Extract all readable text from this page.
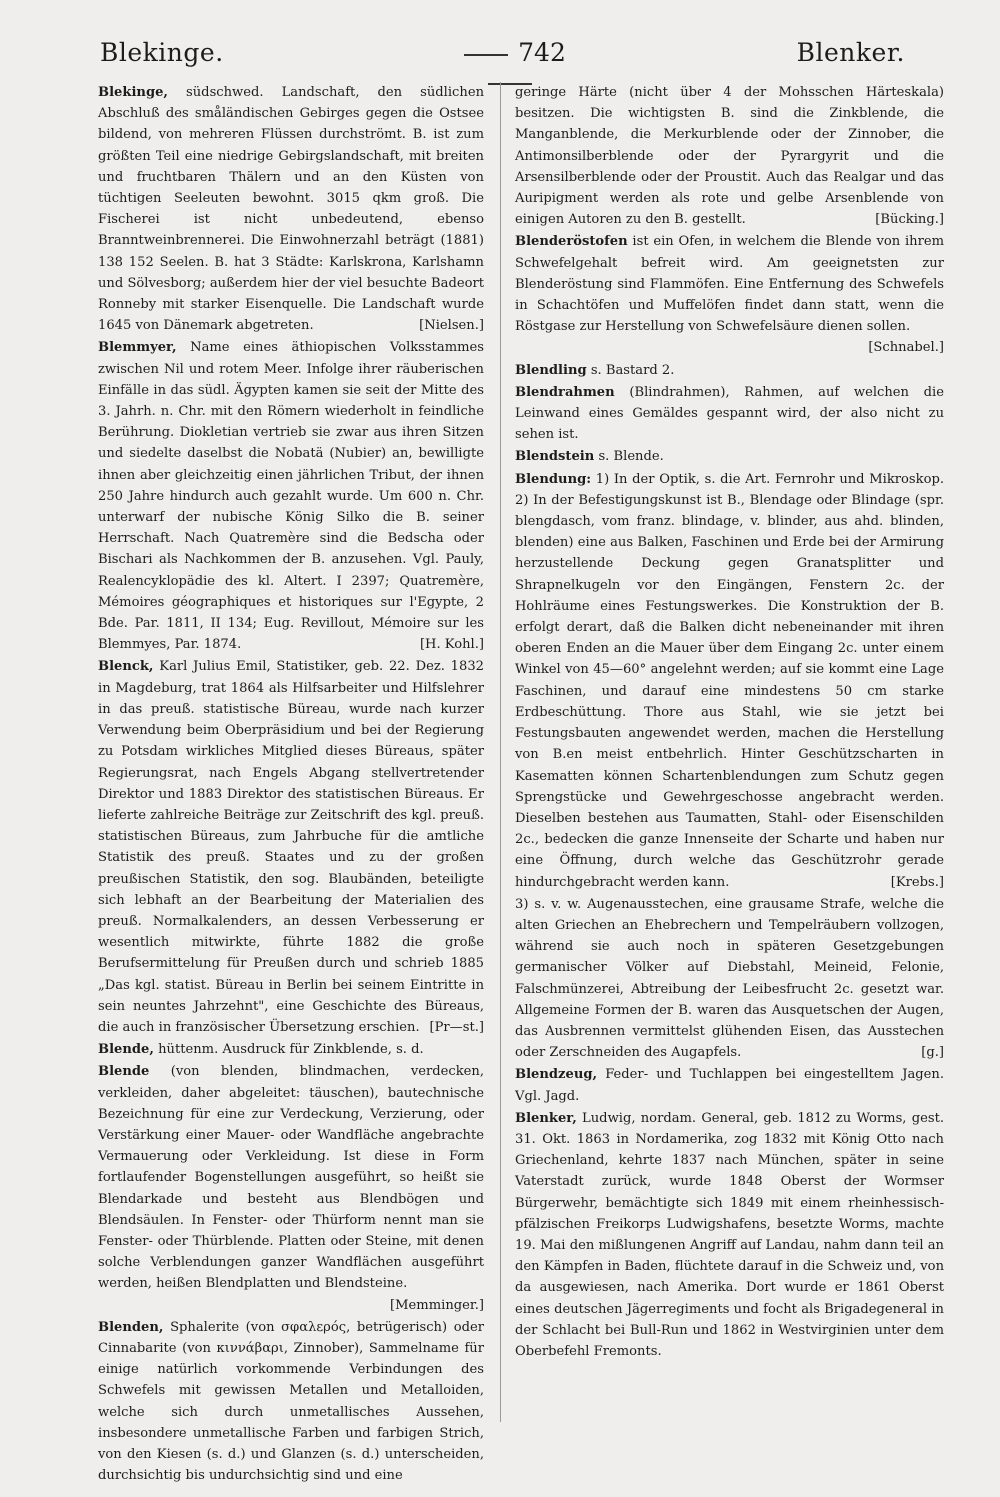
Blekinge.	742	Blenker.

Blekinge, südschwed. Landschaft, den südlichen Abschluß des småländischen Gebirges gegen die Ostsee bildend, von mehreren Flüssen durchströmt. B. ist zum größten Teil eine niedrige Gebirgslandschaft, mit breiten und fruchtbaren Thälern und an den Küsten von tüchtigen Seeleuten bewohnt. 3015 qkm groß. Die Fischerei ist nicht unbedeutend, ebenso Branntweinbrennerei. Die Einwohnerzahl beträgt (1881) 138 152 Seelen. B. hat 3 Städte: Karlskrona, Karlshamn und Sölvesborg; außerdem hier der viel besuchte Badeort Ronneby mit starker Eisenquelle. Die Landschaft wurde 1645 von Dänemark abgetreten.	[Nielsen.]

Blemmyer, Name eines äthiopischen Volksstammes zwischen Nil und rotem Meer. Infolge ihrer räuberischen Einfälle in das südl. Ägypten kamen sie seit der Mitte des 3. Jahrh. n. Chr. mit den Römern wiederholt in feindliche Berührung. Diokletian vertrieb sie zwar aus ihren Sitzen und siedelte daselbst die Nobatä (Nubier) an, bewilligte ihnen aber gleichzeitig einen jährlichen Tribut, der ihnen 250 Jahre hindurch auch gezahlt wurde. Um 600 n. Chr. unterwarf der nubische König Silko die B. seiner Herrschaft. Nach Quatremère sind die Bedscha oder Bischari als Nachkommen der B. anzusehen. Vgl. Pauly, Realencyklopädie des kl. Altert. I 2397; Quatremère, Mémoires géographiques et historiques sur l'Egypte, 2 Bde. Par. 1811, II 134; Eug. Revillout, Mémoire sur les Blemmyes, Par. 1874.	[H. Kohl.]

Blenck, Karl Julius Emil, Statistiker, geb. 22. Dez. 1832 in Magdeburg, trat 1864 als Hilfsarbeiter und Hilfslehrer in das preuß. statistische Büreau, wurde nach kurzer Verwendung beim Oberpräsidium und bei der Regierung zu Potsdam wirkliches Mitglied dieses Büreaus, später Regierungsrat, nach Engels Abgang stellvertretender Direktor und 1883 Direktor des statistischen Büreaus. Er lieferte zahlreiche Beiträge zur Zeitschrift des kgl. preuß. statistischen Büreaus, zum Jahrbuche für die amtliche Statistik des preuß. Staates und zu der großen preußischen Statistik, den sog. Blaubänden, beteiligte sich lebhaft an der Bearbeitung der Materialien des preuß. Normalkalenders, an dessen Verbesserung er wesentlich mitwirkte, führte 1882 die große Berufsermittelung für Preußen durch und schrieb 1885 „Das kgl. statist. Büreau in Berlin bei seinem Eintritte in sein neuntes Jahrzehnt", eine Geschichte des Büreaus, die auch in französischer Übersetzung erschien. [Pr—st.]

Blende, hüttenm. Ausdruck für Zinkblende, s. d.

Blende (von blenden, blindmachen, verdecken, verkleiden, daher abgeleitet: täuschen), bautechnische Bezeichnung für eine zur Verdeckung, Verzierung, oder Verstärkung einer Mauer- oder Wandfläche angebrachte Vermauerung oder Verkleidung. Ist diese in Form fortlaufender Bogenstellungen ausgeführt, so heißt sie Blendarkade und besteht aus Blendbögen und Blendsäulen. In Fenster- oder Thürform nennt man sie Fenster- oder Thürblende. Platten oder Steine, mit denen solche Verblendungen ganzer Wandflächen ausgeführt werden, heißen Blendplatten und Blendsteine.
[Memminger.]

Blenden, Sphalerite (von σφαλερός, betrügerisch) oder Cinnabarite (von κιννάβαρι, Zinnober), Sammelname für einige natürlich vorkommende Verbindungen des Schwefels mit gewissen Metallen und Metalloiden, welche sich durch unmetallisches Aussehen, insbesondere unmetallische Farben und farbigen Strich, von den Kiesen (s. d.) und Glanzen (s. d.) unterscheiden, durchsichtig bis undurchsichtig sind und eine

geringe Härte (nicht über 4 der Mohsschen Härteskala) besitzen. Die wichtigsten B. sind die Zinkblende, die Manganblende, die Merkurblende oder der Zinnober, die Antimonsilberblende oder der Pyrargyrit und die Arsensilberblende oder der Proustit. Auch das Realgar und das Auripigment werden als rote und gelbe Arsenblende von einigen Autoren zu den B. gestellt.	[Bücking.]

Blenderöstofen ist ein Ofen, in welchem die Blende von ihrem Schwefelgehalt befreit wird. Am geeignetsten zur Blenderöstung sind Flammöfen. Eine Entfernung des Schwefels in Schachtöfen und Muffelöfen findet dann statt, wenn die Röstgase zur Herstellung von Schwefelsäure dienen sollen.
[Schnabel.]

Blendling s. Bastard 2.

Blendrahmen (Blindrahmen), Rahmen, auf welchen die Leinwand eines Gemäldes gespannt wird, der also nicht zu sehen ist.

Blendstein s. Blende.

Blendung: 1) In der Optik, s. die Art. Fernrohr und Mikroskop. 2) In der Befestigungskunst ist B., Blendage oder Blindage (spr. blengdasch, vom franz. blindage, v. blinder, aus ahd. blinden, blenden) eine aus Balken, Faschinen und Erde bei der Armirung herzustellende Deckung gegen Granatsplitter und Shrapnelkugeln vor den Eingängen, Fenstern 2c. der Hohlräume eines Festungswerkes. Die Konstruktion der B. erfolgt derart, daß die Balken dicht nebeneinander mit ihren oberen Enden an die Mauer über dem Eingang 2c. unter einem Winkel von 45—60° angelehnt werden; auf sie kommt eine Lage Faschinen, und darauf eine mindestens 50 cm starke Erdbeschüttung. Thore aus Stahl, wie sie jetzt bei Festungsbauten angewendet werden, machen die Herstellung von B.en meist entbehrlich. Hinter Geschützscharten in Kasematten können Schartenblendungen zum Schutz gegen Sprengstücke und Gewehrgeschosse angebracht werden. Dieselben bestehen aus Taumatten, Stahl- oder Eisenschilden 2c., bedecken die ganze Innenseite der Scharte und haben nur eine Öffnung, durch welche das Geschützrohr gerade hindurchgebracht werden kann.	[Krebs.]

3) s. v. w. Augenausstechen, eine grausame Strafe, welche die alten Griechen an Ehebrechern und Tempelräubern vollzogen, während sie auch noch in späteren Gesetzgebungen germanischer Völker auf Diebstahl, Meineid, Felonie, Falschmünzerei, Abtreibung der Leibesfrucht 2c. gesetzt war. Allgemeine Formen der B. waren das Ausquetschen der Augen, das Ausbrennen vermittelst glühenden Eisen, das Ausstechen oder Zerschneiden des Augapfels.	[g.]

Blendzeug, Feder- und Tuchlappen bei eingestelltem Jagen. Vgl. Jagd.

Blenker, Ludwig, nordam. General, geb. 1812 zu Worms, gest. 31. Okt. 1863 in Nordamerika, zog 1832 mit König Otto nach Griechenland, kehrte 1837 nach München, später in seine Vaterstadt zurück, wurde 1848 Oberst der Wormser Bürgerwehr, bemächtigte sich 1849 mit einem rheinhessisch-pfälzischen Freikorps Ludwigshafens, besetzte Worms, machte 19. Mai den mißlungenen Angriff auf Landau, nahm dann teil an den Kämpfen in Baden, flüchtete darauf in die Schweiz und, von da ausgewiesen, nach Amerika. Dort wurde er 1861 Oberst eines deutschen Jägerregiments und focht als Brigadegeneral in der Schlacht bei Bull-Run und 1862 in Westvirginien unter dem Oberbefehl Fremonts.
